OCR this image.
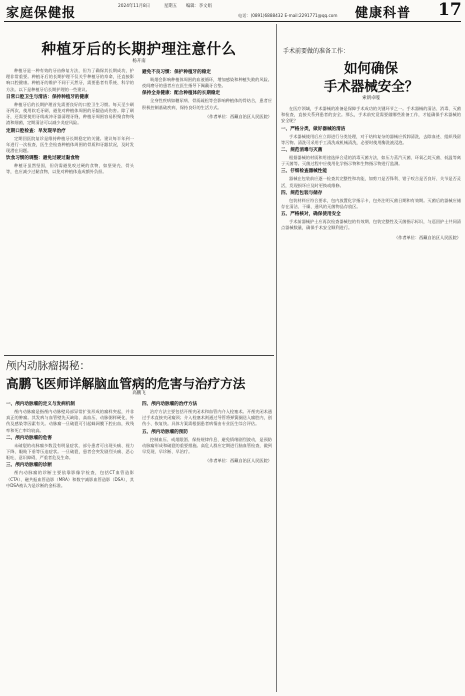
家庭保健报	2024年11月8日	星期五 编辑：李文娟	健康科普 17
电话：(0891)6888432 E-mail:2291771@qq.com
种植牙后的长期护理注意什么
杨开南

种植牙是一种有效的牙齿修复方法，但为了确保其长期成功，护理非常重要。种植牙后的长期护理不仅关乎种植牙的寿命，还直接影响口腔健康。种植牙的维护不同于天然牙，需要患者有系统、科学的方法。以下是种植牙后长期护理的一些建议。

日常口腔卫生与清洁：保持种植牙的健康

种植牙后的长期护理首先需要良好的口腔卫生习惯。每天至少刷牙两次，使用软毛牙刷，避免对种植体周围的牙龈造成伤害。除了刷牙，还需要使用牙线或冲牙器清理牙缝，种植牙周围容易积聚食物残渣和细菌，定期清洁可以减少炎症风险。

定期口腔检查：早发现早治疗

定期回医院复诊是维持种植牙长期稳定的关键。建议每半年到一年进行一次检查，医生会检查种植体周围的骨质和牙龈状况，及时发现潜在问题。

饮食习惯的调整：避免过硬过黏食物

种植牙虽然坚固，但仍需避免咬过硬的食物，如坚果壳、骨头等，也应减少过黏食物，以免对种植体造成额外负担。

避免不良习惯：保护种植牙的稳定

吸烟会影响种植体周围的血液循环，增加感染和种植失败的风险。夜间磨牙的患者应在医生指导下佩戴牙合垫。

保持全身健康：配合种植体的长期稳定

全身性疾病如糖尿病、骨质疏松等会影响种植体的骨结合，患者应积极控制基础疾病，保持良好的生活方式。

（作者单位：西藏自治区人民医院）
颅内动脉瘤揭秘：
高鹏飞医师详解脑血管病的危害与治疗方法
高鹏飞
一、颅内动脉瘤的定义与发病机制

颅内动脉瘤是指颅内动脉壁局部异常扩张形成的瘤样突起，并非真正的肿瘤。其发病与血管壁先天缺陷、高血压、动脉粥样硬化、外伤及感染等因素有关。动脉瘤一旦破裂可引起蛛网膜下腔出血，致残率和死亡率均较高。

二、颅内动脉瘤的危害

未破裂的动脉瘤多数没有明显症状，部分患者可出现头痛、视力下降、眼睑下垂等压迫症状。一旦破裂，患者会突发剧烈头痛、恶心呕吐、意识障碍，严重者危及生命。

三、颅内动脉瘤的诊断

颅内动脉瘤的诊断主要依靠影像学检查，包括CT血管造影（CTA）、磁共振血管造影（MRA）和数字减影血管造影（DSA），其中DSA被认为是诊断的金标准。

四、颅内动脉瘤的治疗方法

治疗方法主要包括开颅夹闭术和血管内介入栓塞术。开颅夹闭术通过手术直接夹闭瘤颈；介入栓塞术则通过导管将弹簧圈送入瘤腔内，创伤小、恢复快。具体方案需根据患者病情由专业医生综合评估。

五、颅内动脉瘤的预防

控制血压、戒烟限酒、保持规律作息、避免情绪剧烈波动，是预防动脉瘤形成和破裂的重要措施。高危人群应定期进行脑血管检查，做到早发现、早诊断、早治疗。

（作者单位：西藏自治区人民医院）
手术前要做的准备工作：
如何确保
手术器械安全？
索朗卓嘎

在医疗领域，手术器械的准备是保障手术成功的关键环节之一。手术器械的清洁、消毒、灭菌和检查，直接关系到患者的安全。那么，手术前究竟需要做哪些准备工作，才能确保手术器械的安全呢？

一、严格分类，做好器械的清洁

手术器械使用后应立即进行分类处理，对于结构复杂的器械应拆卸清洗，去除血迹、组织残留等污物。清洗可采用手工清洗或机械清洗，必要时使用酶洗液浸泡。

二、规范消毒与灭菌

根据器械的材质和用途选择合适的消毒灭菌方法，如压力蒸汽灭菌、环氧乙烷灭菌、低温等离子灭菌等。灭菌过程中应使用化学指示物和生物指示物进行监测。

三、仔细检查器械性能

器械在包装前应逐一检查其完整性和功能，如剪刀是否锋利、钳子咬合是否良好、关节是否灵活，发现损坏应及时更换或维修。

四、规范包装与储存

包装材料应符合要求，包内放置化学指示卡，包外注明灭菌日期和有效期。灭菌后的器械应储存在清洁、干燥、通风的无菌物品存放区。

五、严格核对，确保使用安全

手术前器械护士应再次检查器械包的有效期、包装完整性及灭菌指示标识，与巡回护士共同清点器械数量，确保手术安全顺利进行。

（作者单位：西藏自治区人民医院）
